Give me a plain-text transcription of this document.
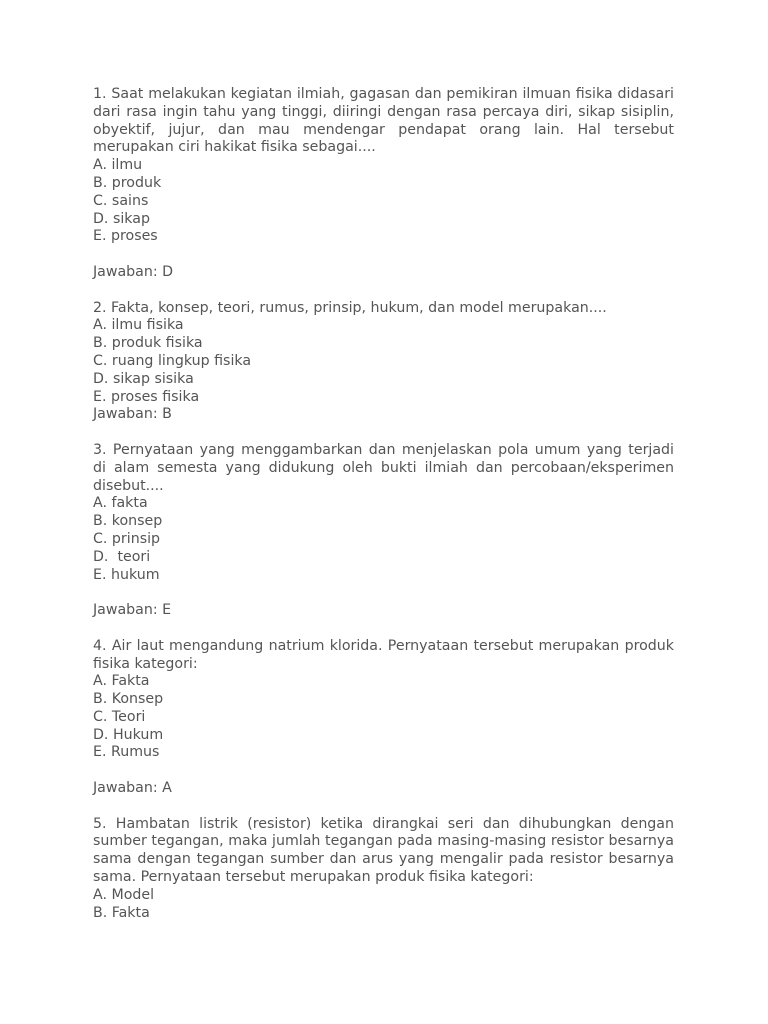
1. Saat melakukan kegiatan ilmiah, gagasan dan pemikiran ilmuan fisika didasari dari rasa ingin tahu yang tinggi, diiringi dengan rasa percaya diri, sikap sisiplin, obyektif, jujur, dan mau mendengar pendapat orang lain. Hal tersebut merupakan ciri hakikat fisika sebagai....

A. ilmu

B. produk

C. sains

D. sikap

E. proses

Jawaban: D

2. Fakta, konsep, teori, rumus, prinsip, hukum, dan model merupakan....

A. ilmu fisika

B. produk fisika

C. ruang lingkup fisika

D. sikap sisika

E. proses fisika

Jawaban: B

3. Pernyataan yang menggambarkan dan menjelaskan pola umum yang terjadi di alam semesta yang didukung oleh bukti ilmiah dan percobaan/eksperimen disebut....

A. fakta

B. konsep

C. prinsip

D.  teori

E. hukum

Jawaban: E

4. Air laut mengandung natrium klorida. Pernyataan tersebut merupakan produk fisika kategori:

A. Fakta

B. Konsep

C. Teori

D. Hukum

E. Rumus

Jawaban: A

5. Hambatan listrik (resistor) ketika dirangkai seri dan dihubungkan dengan sumber tegangan, maka jumlah tegangan pada masing-masing resistor besarnya sama dengan tegangan sumber dan arus yang mengalir pada resistor besarnya sama. Pernyataan tersebut merupakan produk fisika kategori:

A. Model

B. Fakta
